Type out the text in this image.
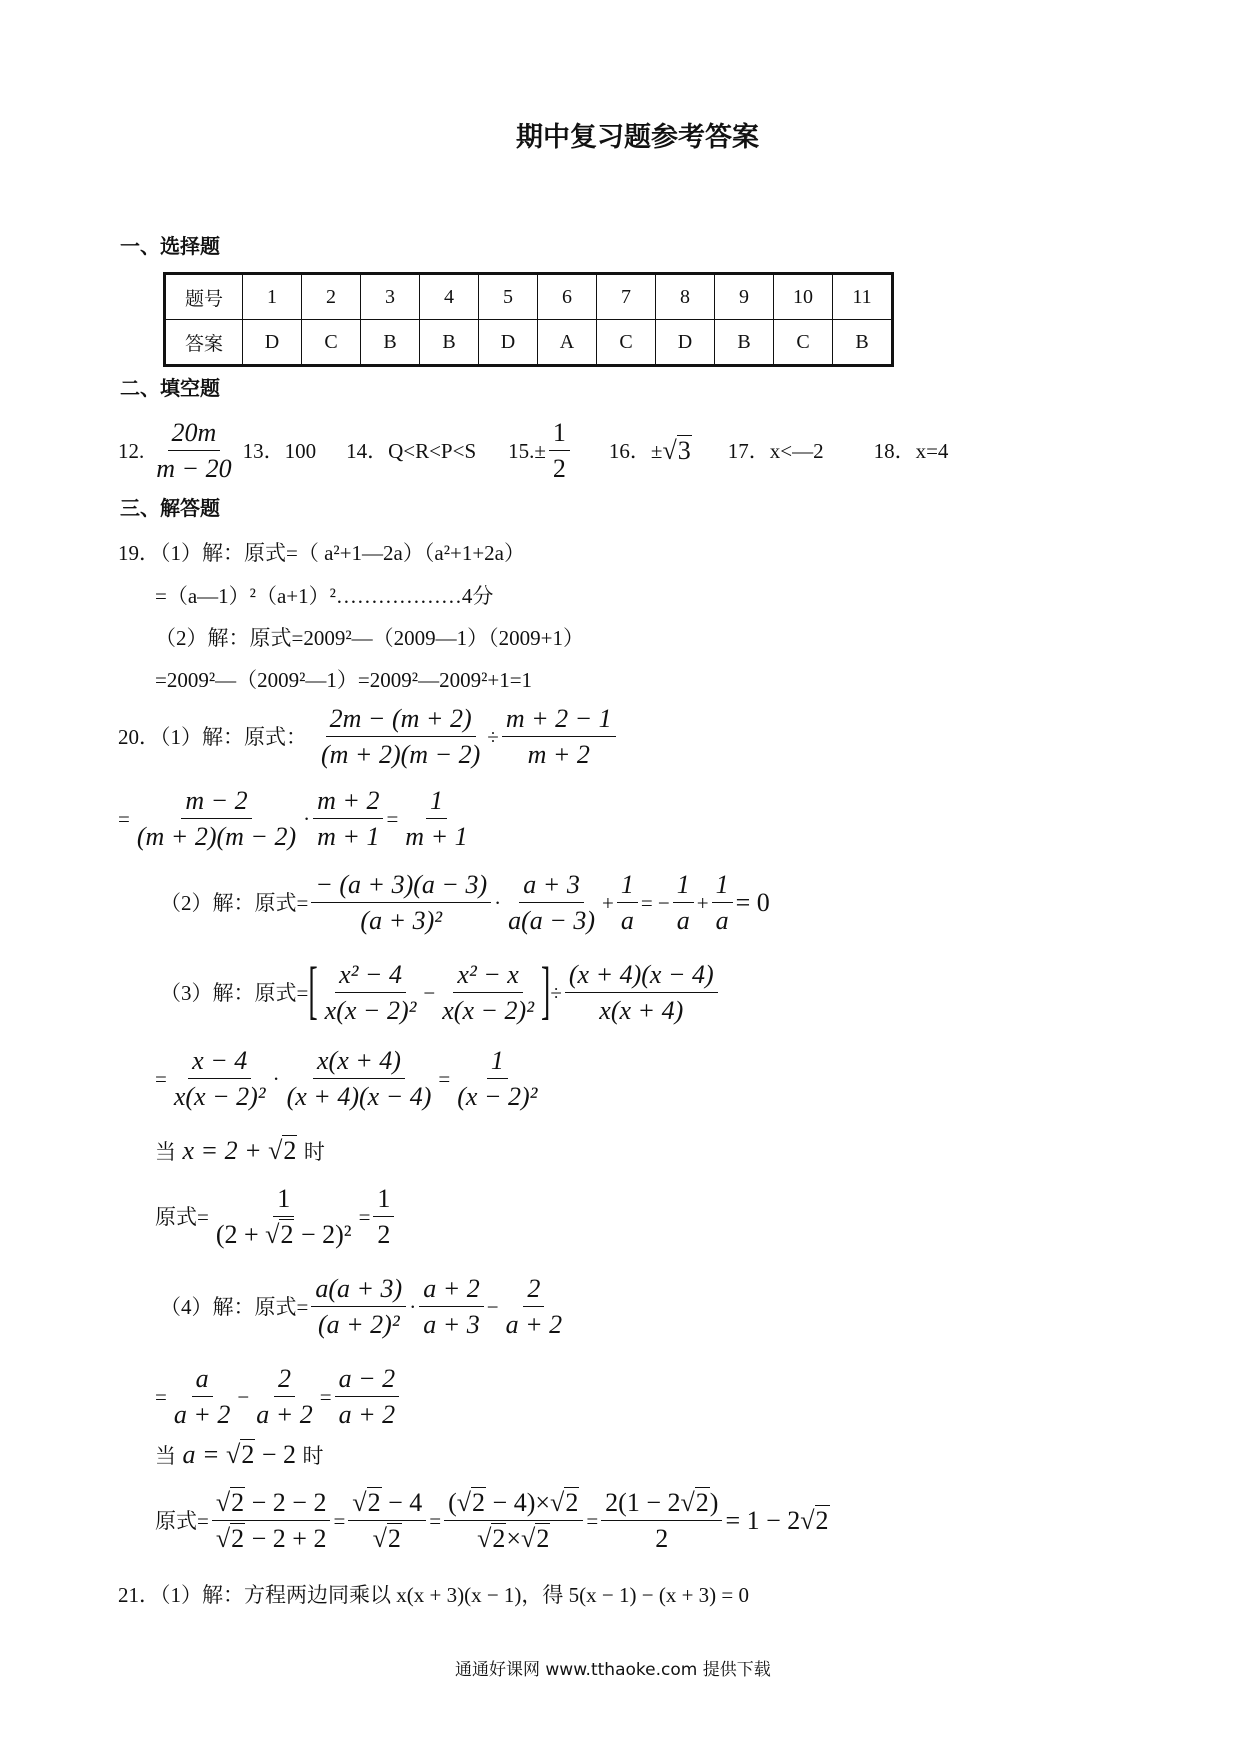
期中复习题参考答案
一、选择题
题号	1	2	3	4	5	6	7	8	9	10	11
答案	D	C	B	B	D	A	C	D	B	C	B
二、填空题
12. $\frac{20m}{m - 20} 13$．100 14．Q<R<P<S $15.\pm \frac{1}{2} 16$．± √3 17．x<—2 18．x=4
三、解答题
19．（1）解：原式=（ a²+1—2a）（a²+1+2a）
=（a—1）²（a+1）²………………4分
（2）解：原式=2009²—（2009—1）（2009+1）
=2009²—（2009²—1）=2009²—2009²+1=1
20．（1）解：原式： $\frac{2m - (m + 2)}{(m + 2)(m - 2)} \div \frac{m + 2 - 1}{m + 2}$
= $\frac{m - 2}{(m + 2)(m - 2)} \cdot \frac{m + 2}{m + 1} = \frac{1}{m + 1}$
（2）解：原式= $\frac{- (a + 3)(a - 3)}{\text{(a + 3)²}} \cdot \frac{a + 3}{a(a - 3)} + \frac{1}{a}$ = − $\frac{1}{a} + \frac{1}{a} = 0$
（3）解：原式= [ $\frac{\text{x² − 4}}{\text{x(x − 2)²}} - \frac{\text{x² − x}}{\text{x(x − 2)²}}$ ] ÷ $\frac{(x + 4)(x - 4)}{x(x + 4)}$
= $\frac{x - 4}{\text{x(x − 2)²}} \cdot \frac{x(x + 4)}{(x + 4)(x - 4)} = \frac{1}{\text{(x − 2)²}}$
当 x = 2 + √2 时
原式= $\frac{1}{\text{(2 + √2 − 2)²}} = \frac{1}{2}$
（4）解：原式= $\frac{a(a + 3)}{\text{(a + 2)²}} \cdot \frac{a + 2}{a + 3} - \frac{2}{a + 2}$
= $\frac{a}{a + 2} - \frac{2}{a + 2} = \frac{a - 2}{a + 2}$
当 a = √2 − 2 时
原式= $\frac{√2 - 2 - 2}{√2 - 2 + 2} = \frac{√2 - 4}{√2} = \frac{(√2 - 4)\times√2}{√2\times√2} = \frac{2(1 - 2√2)}{2} = 1 - 2$ √2
21．（1）解：方程两边同乘以 x(x + 3)(x − 1)，得 5(x − 1) − (x + 3) = 0
通通好课网 www.tthaoke.com 提供下载
